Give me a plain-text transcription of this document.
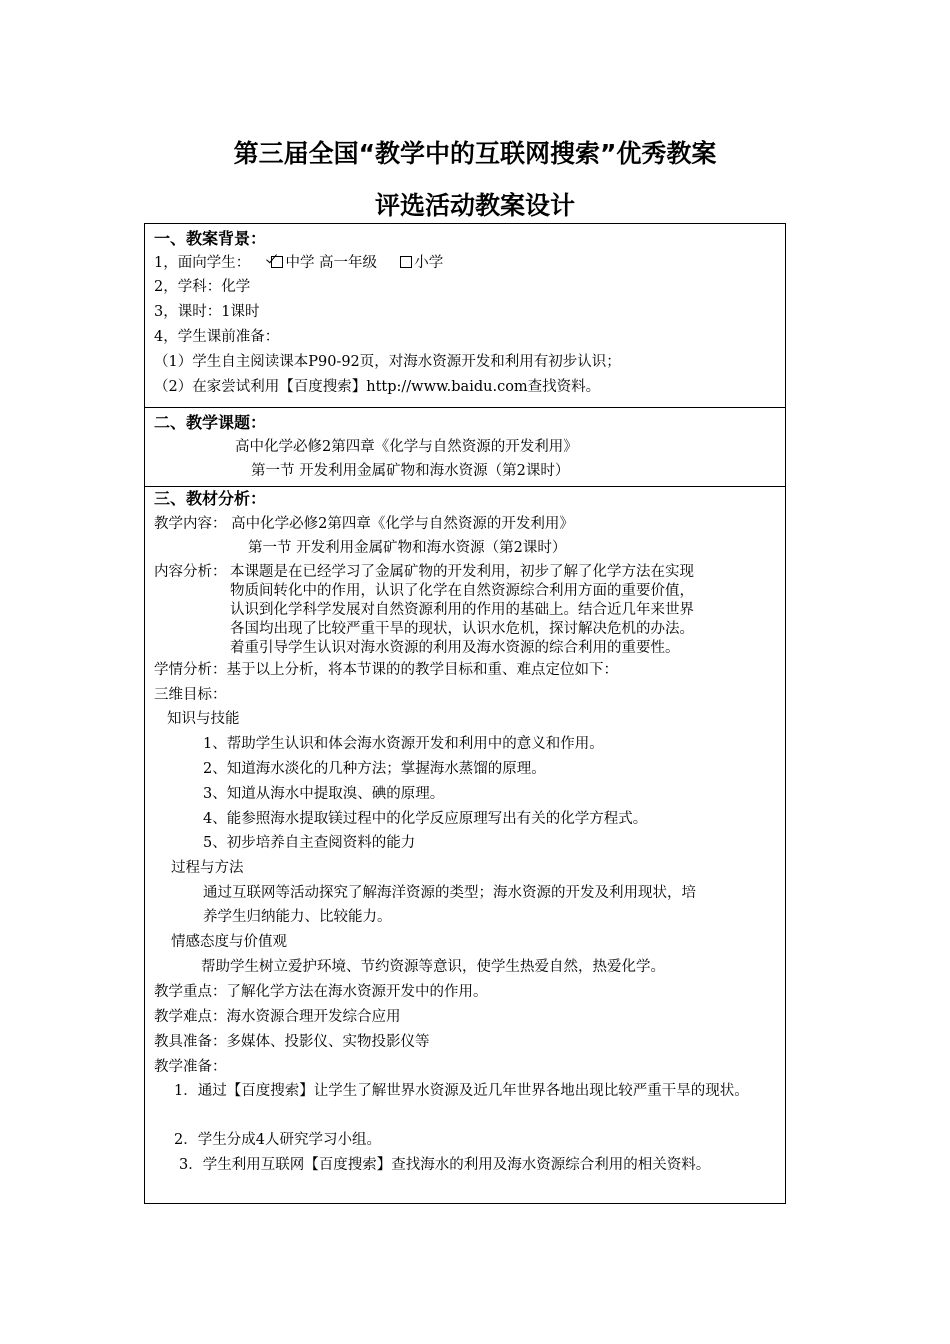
第三届全国“教学中的互联网搜索”优秀教案
评选活动教案设计
一、教案背景：
1，面向学生： 中学 高一年级	小学
2，学科：化学
3，课时：1课时
4，学生课前准备：
（1）学生自主阅读课本P90-92页，对海水资源开发和利用有初步认识；
（2）在家尝试利用【百度搜索】http://www.baidu.com查找资料。
二、教学课题：
高中化学必修2第四章《化学与自然资源的开发利用》
第一节 开发利用金属矿物和海水资源（第2课时）
三、教材分析：
教学内容： 高中化学必修2第四章《化学与自然资源的开发利用》
第一节 开发利用金属矿物和海水资源（第2课时）
内容分析： 本课题是在已经学习了金属矿物的开发利用，初步了解了化学方法在实现
物质间转化中的作用，认识了化学在自然资源综合利用方面的重要价值，
认识到化学科学发展对自然资源利用的作用的基础上。结合近几年来世界
各国均出现了比较严重干旱的现状，认识水危机，探讨解决危机的办法。
着重引导学生认识对海水资源的利用及海水资源的综合利用的重要性。
学情分析：基于以上分析，将本节课的的教学目标和重、难点定位如下：
三维目标：
知识与技能
1、帮助学生认识和体会海水资源开发和利用中的意义和作用。
2、知道海水淡化的几种方法；掌握海水蒸馏的原理。
3、知道从海水中提取溴、碘的原理。
4、能参照海水提取镁过程中的化学反应原理写出有关的化学方程式。
5、初步培养自主查阅资料的能力
过程与方法
通过互联网等活动探究了解海洋资源的类型；海水资源的开发及利用现状，培
养学生归纳能力、比较能力。
情感态度与价值观
帮助学生树立爱护环境、节约资源等意识，使学生热爱自然，热爱化学。
教学重点：了解化学方法在海水资源开发中的作用。
教学难点：海水资源合理开发综合应用
教具准备：多媒体、投影仪、实物投影仪等
教学准备：
1．通过【百度搜索】让学生了解世界水资源及近几年世界各地出现比较严重干旱的现状。
2．学生分成4人研究学习小组。
3．学生利用互联网【百度搜索】查找海水的利用及海水资源综合利用的相关资料。
